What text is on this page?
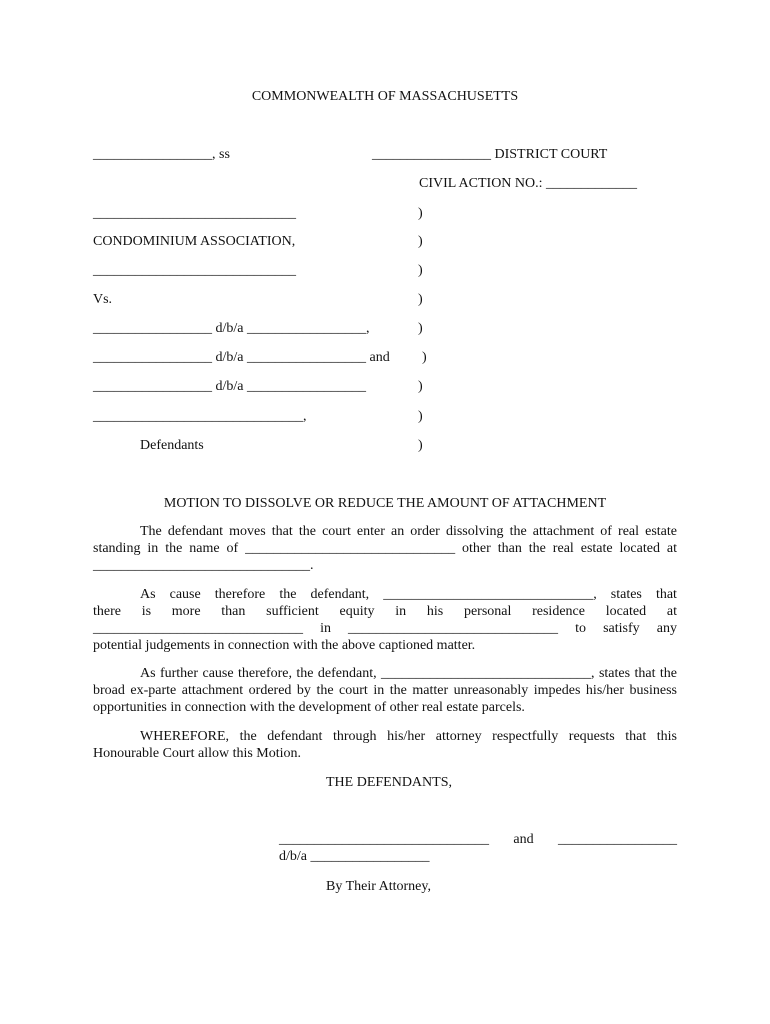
COMMONWEALTH OF MASSACHUSETTS
_________________, ss	_________________ DISTRICT COURT
CIVIL ACTION NO.: _____________
_____________________________
CONDOMINIUM ASSOCIATION,
_____________________________
Vs.
_________________ d/b/a _________________,
_________________ d/b/a _________________ and
_________________ d/b/a _________________
______________________________,
Defendants
)
)
)
)
)
)
)
)
)
MOTION TO DISSOLVE OR REDUCE THE AMOUNT OF ATTACHMENT
The defendant moves that the court enter an order dissolving the attachment of real estate standing in the name of ______________________________ other than the real estate located at _______________________________.
As cause therefore the defendant, ______________________________, states that
there is more than sufficient equity in his personal residence located at
______________________________ in ______________________________ to satisfy any
potential judgements in connection with the above captioned matter.
As further cause therefore, the defendant, ______________________________, states that the broad ex-parte attachment ordered by the court in the matter unreasonably impedes his/her business opportunities in connection with the development of other real estate parcels.
WHEREFORE, the defendant through his/her attorney respectfully requests that this Honourable Court allow this Motion.
THE DEFENDANTS,
______________________________ and _________________
d/b/a _________________
By Their Attorney,
